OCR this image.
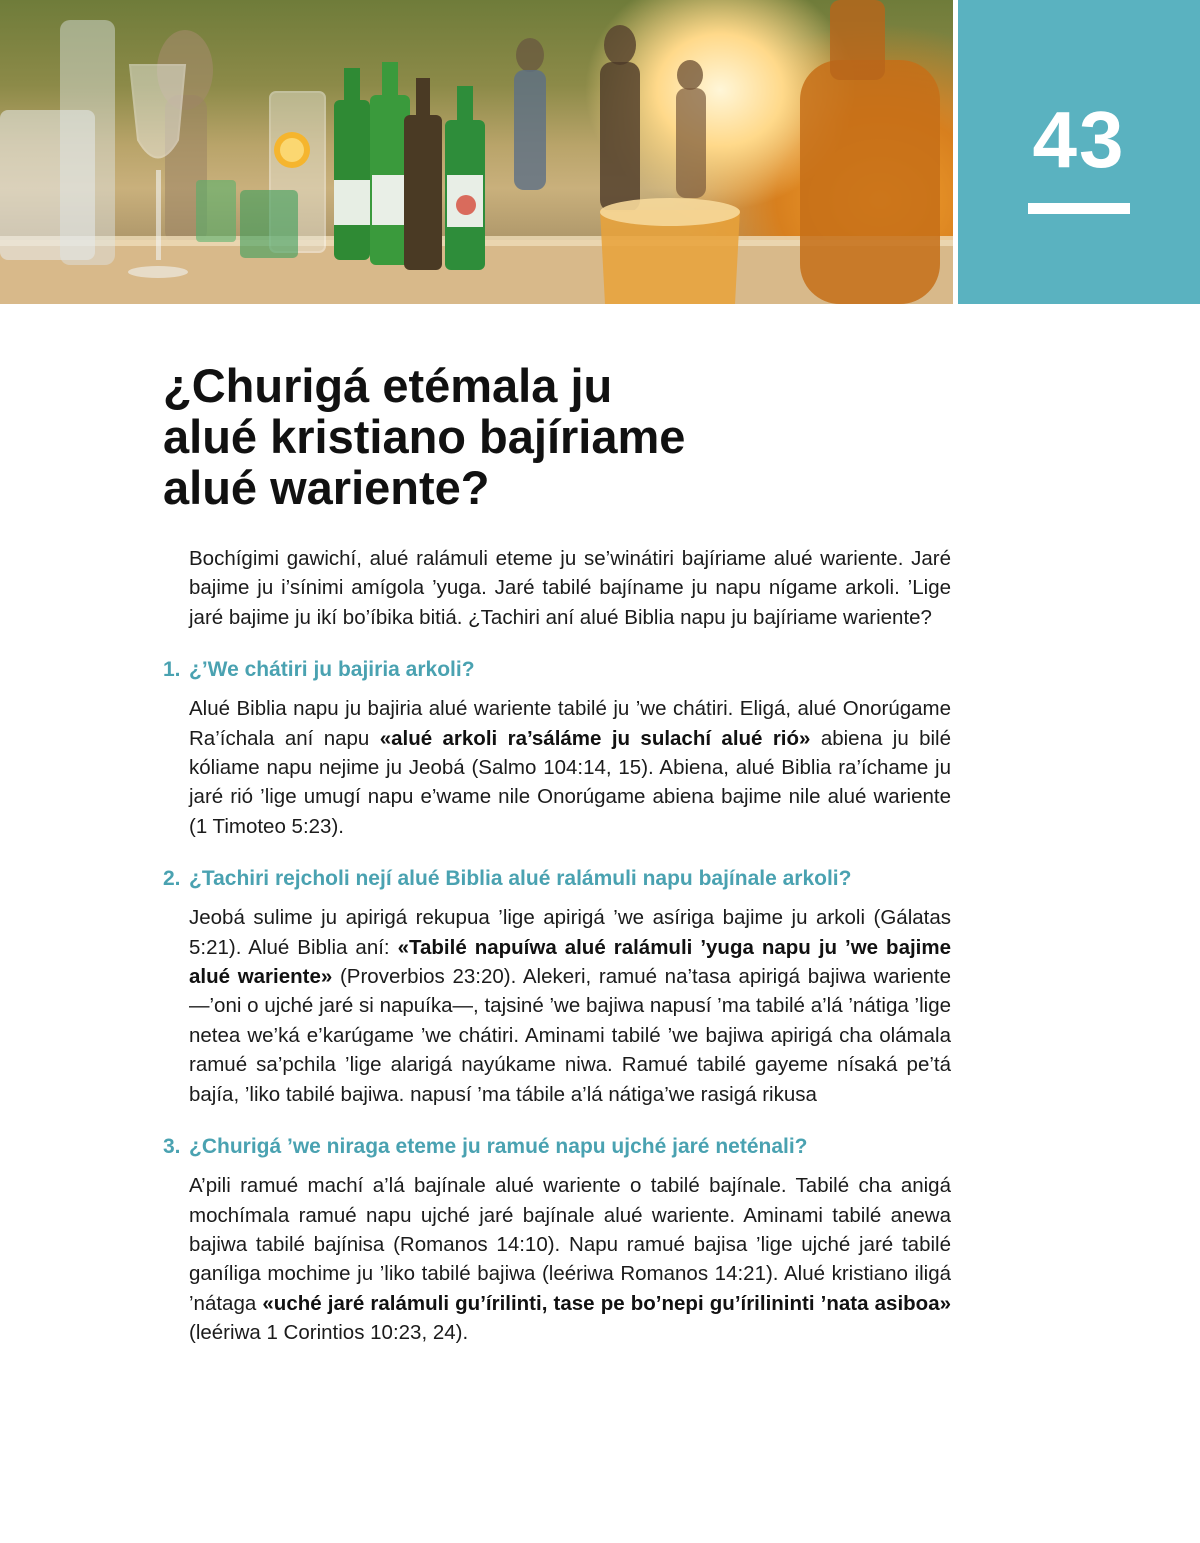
43
¿Churigá etémala ju
alué kristiano bajíriame
alué wariente?

Bochígimi gawichí, alué ralámuli eteme ju se’winátiri bajíriame alué wariente. Jaré bajime ju i’sínimi amígola ’yuga. Jaré tabilé bajíname ju napu nígame arkoli. ’Lige jaré bajime ju ikí bo’íbika bitiá. ¿Tachiri aní alué Biblia napu ju bajíriame wariente?

1. ¿’We chátiri ju bajiria arkoli?

Alué Biblia napu ju bajiria alué wariente tabilé ju ’we chátiri. Eligá, alué Onorúgame Ra’íchala aní napu «alué arkoli ra’sáláme ju sulachí alué rió» abiena ju bilé kóliame napu nejime ju Jeobá (Salmo 104:14, 15). Abiena, alué Biblia ra’íchame ju jaré rió ’lige umugí napu e’wame nile Onorúgame abiena bajime nile alué wariente (1 Timoteo 5:23).

2. ¿Tachiri rejcholi nejí alué Biblia alué ralámuli napu bajínale arkoli?

Jeobá sulime ju apirigá rekupua ’lige apirigá ’we asíriga bajime ju arkoli (Gálatas 5:21). Alué Biblia aní: «Tabilé napuíwa alué ralámuli ’yuga napu ju ’we bajime alué wariente» (Proverbios 23:20). Alekeri, ramué na’tasa apirigá bajiwa wariente —’oni o ujché jaré si napuíka—, tajsiné ’we bajiwa napusí ’ma tabilé a’lá ’nátiga ’lige netea we’ká e’karúgame ’we chátiri. Aminami tabilé ’we bajiwa apirigá cha olámala ramué sa’pchila ’lige alarigá nayúkame niwa. Ramué tabilé gayeme nísaká pe’tá bajía, ’liko tabilé bajiwa. napusí ’ma tábile a’lá nátiga’we rasigá rikusa

3. ¿Churigá ’we niraga eteme ju ramué napu ujché jaré neténali?

A’pili ramué machí a’lá bajínale alué wariente o tabilé bajínale. Tabilé cha anigá mochímala ramué napu ujché jaré bajínale alué wariente. Aminami tabilé anewa bajiwa tabilé bajínisa (Romanos 14:10). Napu ramué bajisa ’lige ujché jaré tabilé ganíliga mochime ju ’liko tabilé bajiwa (leériwa Romanos 14:21). Alué kristiano iligá ’nátaga «uché jaré ralámuli gu’írilinti, tase pe bo’nepi gu’írilininti ’nata asiboa» (leériwa 1 Corintios 10:23, 24).
